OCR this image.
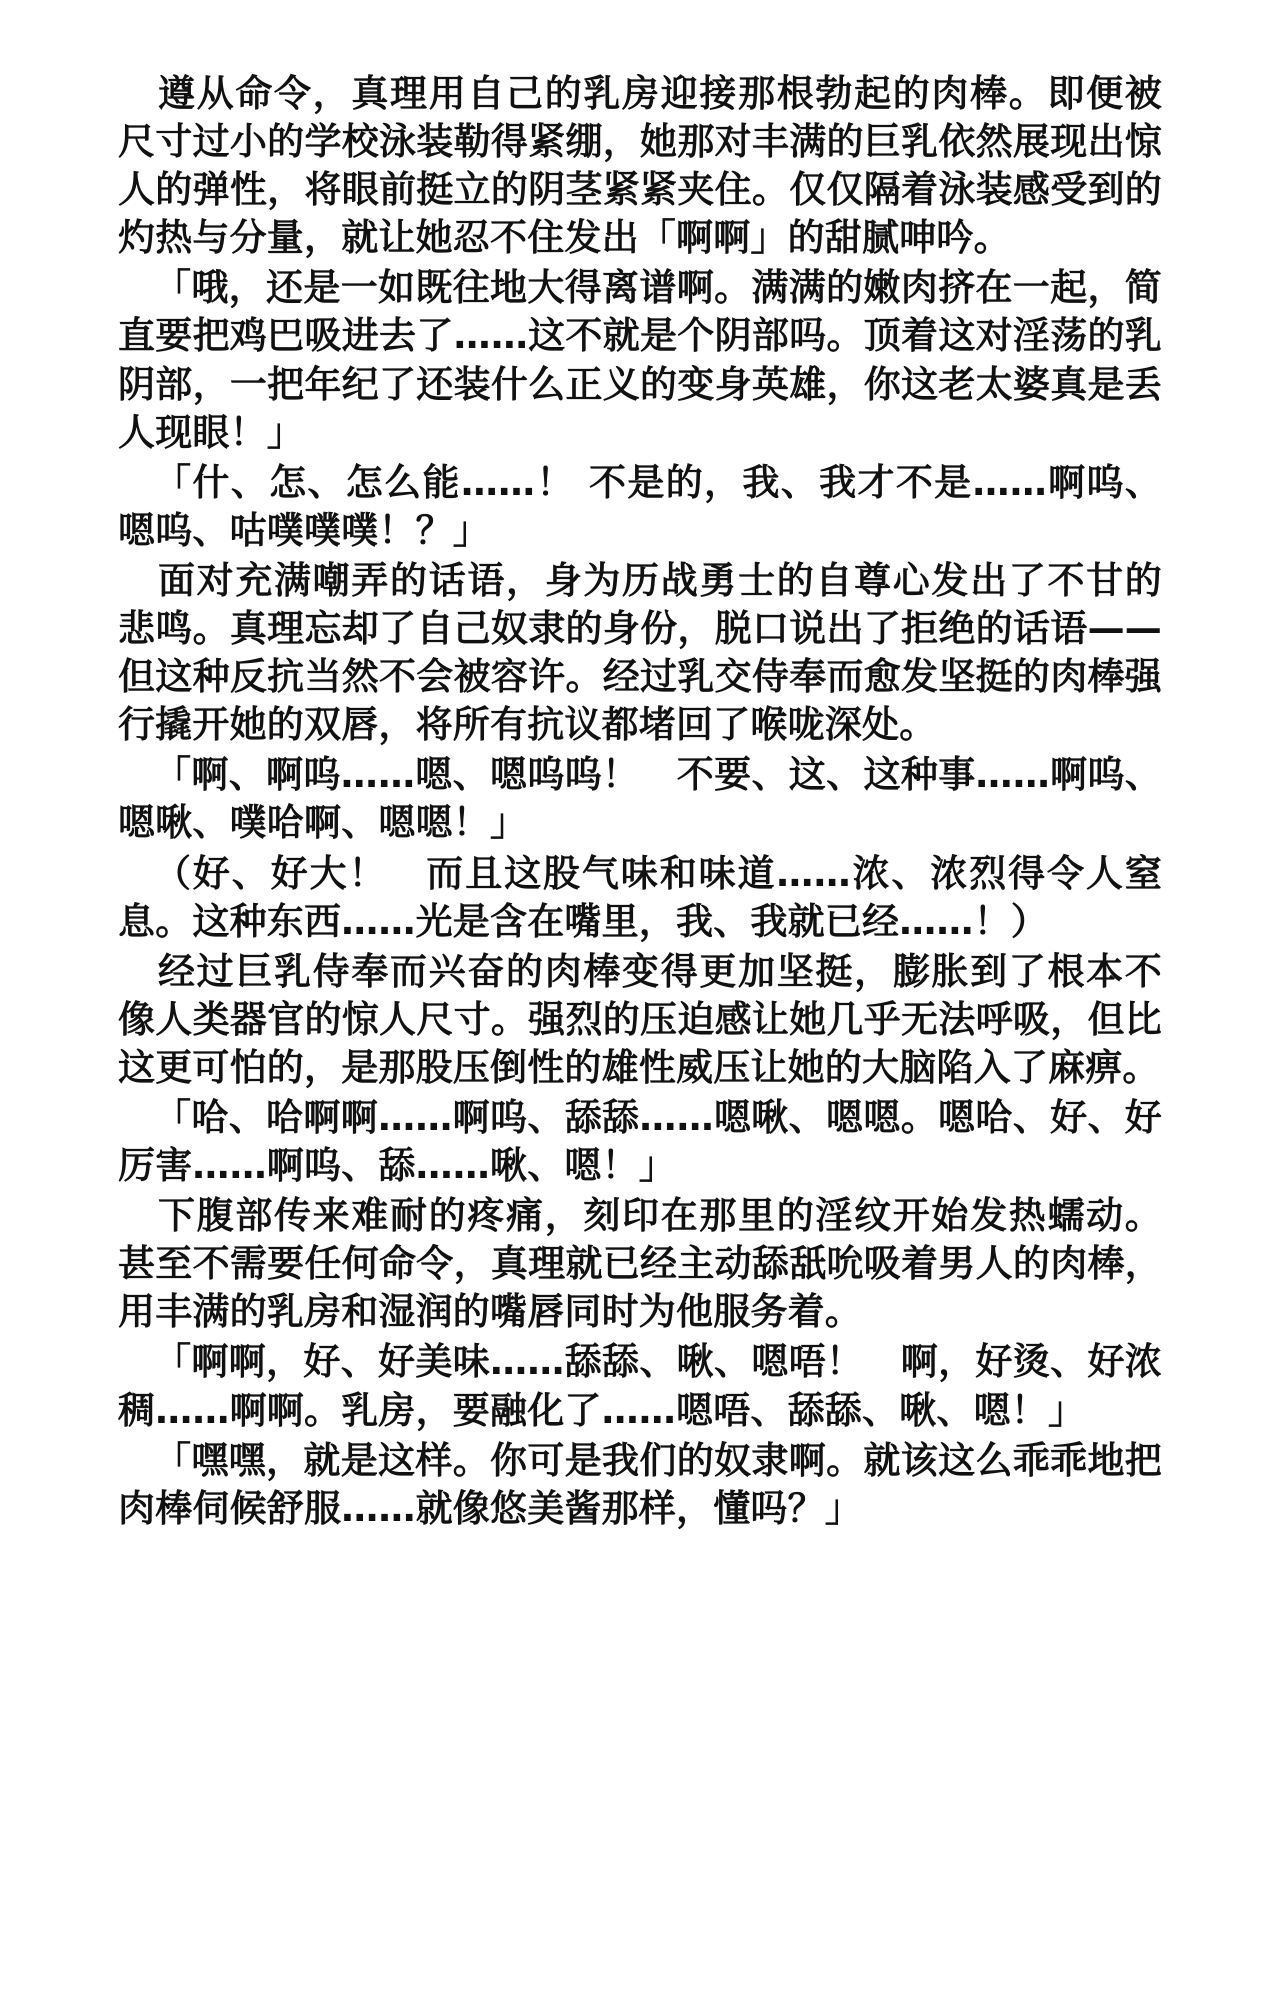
遵从命令，真理用自己的乳房迎接那根勃起的肉棒。即便被尺寸过小的学校泳装勒得紧绷，她那对丰满的巨乳依然展现出惊人的弹性，将眼前挺立的阴茎紧紧夹住。仅仅隔着泳装感受到的灼热与分量，就让她忍不住发出「啊啊」的甜腻呻吟。

「哦，还是一如既往地大得离谱啊。满满的嫩肉挤在一起，简直要把鸡巴吸进去了……这不就是个阴部吗。顶着这对淫荡的乳阴部，一把年纪了还装什么正义的变身英雄，你这老太婆真是丢人现眼！」

「什、怎、怎么能……！ 不是的，我、我才不是……啊呜、嗯呜、咕噗噗噗！？」

面对充满嘲弄的话语，身为历战勇士的自尊心发出了不甘的悲鸣。真理忘却了自己奴隶的身份，脱口说出了拒绝的话语——但这种反抗当然不会被容许。经过乳交侍奉而愈发坚挺的肉棒强行撬开她的双唇，将所有抗议都堵回了喉咙深处。

「啊、啊呜……嗯、嗯呜呜！　不要、这、这种事……啊呜、嗯啾、噗哈啊、嗯嗯！」

（好、好大！　而且这股气味和味道……浓、浓烈得令人窒息。这种东西……光是含在嘴里，我、我就已经……！）

经过巨乳侍奉而兴奋的肉棒变得更加坚挺，膨胀到了根本不像人类器官的惊人尺寸。强烈的压迫感让她几乎无法呼吸，但比这更可怕的，是那股压倒性的雄性威压让她的大脑陷入了麻痹。

「哈、哈啊啊……啊呜、舔舔……嗯啾、嗯嗯。嗯哈、好、好厉害……啊呜、舔……啾、嗯！」

下腹部传来难耐的疼痛，刻印在那里的淫纹开始发热蠕动。甚至不需要任何命令，真理就已经主动舔舐吮吸着男人的肉棒，用丰满的乳房和湿润的嘴唇同时为他服务着。

「啊啊，好、好美味……舔舔、啾、嗯唔！　啊，好烫、好浓稠……啊啊。乳房，要融化了……嗯唔、舔舔、啾、嗯！」

「嘿嘿，就是这样。你可是我们的奴隶啊。就该这么乖乖地把肉棒伺候舒服……就像悠美酱那样，懂吗？」
